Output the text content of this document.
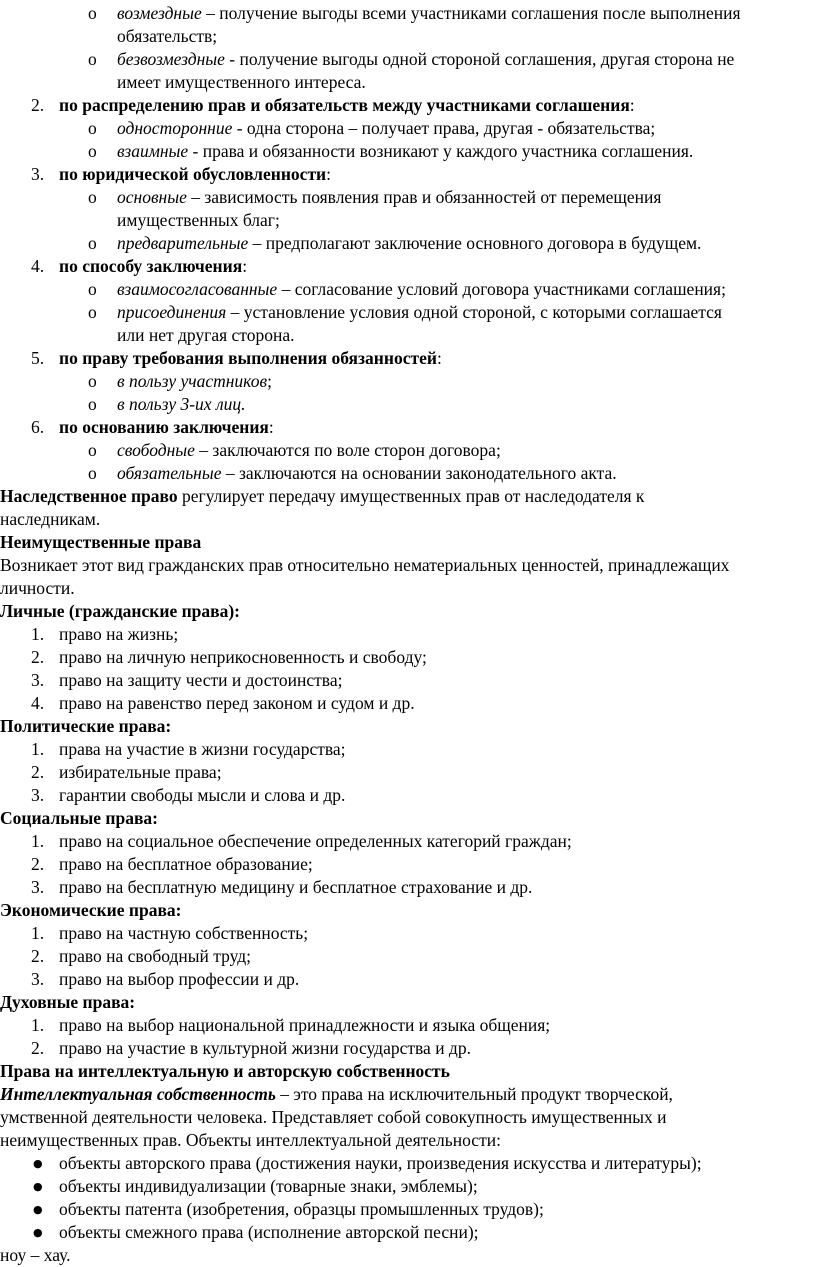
o	возмездные – получение выгоды всеми участниками соглашения после выполнения
обязательств;
o	безвозмездные - получение выгоды одной стороной соглашения, другая сторона не
имеет имущественного интереса.
2. по распределению прав и обязательств между участниками соглашения:
o	односторонние - одна сторона – получает права, другая - обязательства;
o	взаимные - права и обязанности возникают у каждого участника соглашения.
3. по юридической обусловленности:
o	основные – зависимость появления прав и обязанностей от перемещения
имущественных благ;
o	предварительные – предполагают заключение основного договора в будущем.
4. по способу заключения:
o	взаимосогласованные – согласование условий договора участниками соглашения;
o	присоединения – установление условия одной стороной, с которыми соглашается
или нет другая сторона.
5. по праву требования выполнения обязанностей:
o	в пользу участников;
o	в пользу 3-их лиц.
6. по основанию заключения:
o	свободные – заключаются по воле сторон договора;
o	обязательные – заключаются на основании законодательного акта.
Наследственное право регулирует передачу имущественных прав от наследодателя к
наследникам.
Неимущественные права
Возникает этот вид гражданских прав относительно нематериальных ценностей, принадлежащих
личности.
Личные (гражданские права):
1. право на жизнь;
2. право на личную неприкосновенность и свободу;
3. право на защиту чести и достоинства;
4. право на равенство перед законом и судом и др.
Политические права:
1. права на участие в жизни государства;
2. избирательные права;
3. гарантии свободы мысли и слова и др.
Социальные права:
1. право на социальное обеспечение определенных категорий граждан;
2. право на бесплатное образование;
3. право на бесплатную медицину и бесплатное страхование и др.
Экономические права:
1. право на частную собственность;
2. право на свободный труд;
3. право на выбор профессии и др.
Духовные права:
1. право на выбор национальной принадлежности и языка общения;
2. право на участие в культурной жизни государства и др.
Права на интеллектуальную и авторскую собственность
Интеллектуальная собственность – это права на исключительный продукт творческой,
умственной деятельности человека. Представляет собой совокупность имущественных и
неимущественных прав. Объекты интеллектуальной деятельности:
● объекты авторского права (достижения науки, произведения искусства и литературы);
● объекты индивидуализации (товарные знаки, эмблемы);
● объекты патента (изобретения, образцы промышленных трудов);
● объекты смежного права (исполнение авторской песни);
ноу – хау.
